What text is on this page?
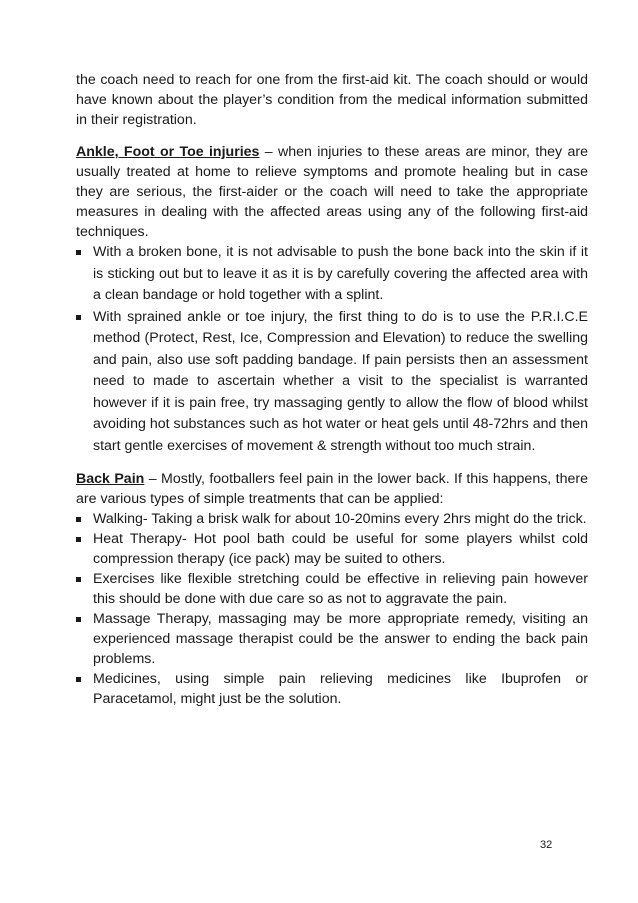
the coach need to reach for one from the first-aid kit. The coach should or would have known about the player’s condition from the medical information submitted in their registration.

Ankle, Foot or Toe injuries – when injuries to these areas are minor, they are usually treated at home to relieve symptoms and promote healing but in case they are serious, the first-aider or the coach will need to take the appropriate measures in dealing with the affected areas using any of the following first-aid techniques.

With a broken bone, it is not advisable to push the bone back into the skin if it is sticking out but to leave it as it is by carefully covering the affected area with a clean bandage or hold together with a splint.
With sprained ankle or toe injury, the first thing to do is to use the P.R.I.C.E method (Protect, Rest, Ice, Compression and Elevation) to reduce the swelling and pain, also use soft padding bandage. If pain persists then an assessment need to made to ascertain whether a visit to the specialist is warranted however if it is pain free, try massaging gently to allow the flow of blood whilst avoiding hot substances such as hot water or heat gels until 48-72hrs and then start gentle exercises of movement & strength without too much strain.

Back Pain – Mostly, footballers feel pain in the lower back. If this happens, there are various types of simple treatments that can be applied:

Walking- Taking a brisk walk for about 10-20mins every 2hrs might do the trick.
Heat Therapy- Hot pool bath could be useful for some players whilst cold compression therapy (ice pack) may be suited to others.
Exercises like flexible stretching could be effective in relieving pain however this should be done with due care so as not to aggravate the pain.
Massage Therapy, massaging may be more appropriate remedy, visiting an experienced massage therapist could be the answer to ending the back pain problems.
Medicines, using simple pain relieving medicines like Ibuprofen or Paracetamol, might just be the solution.
32
